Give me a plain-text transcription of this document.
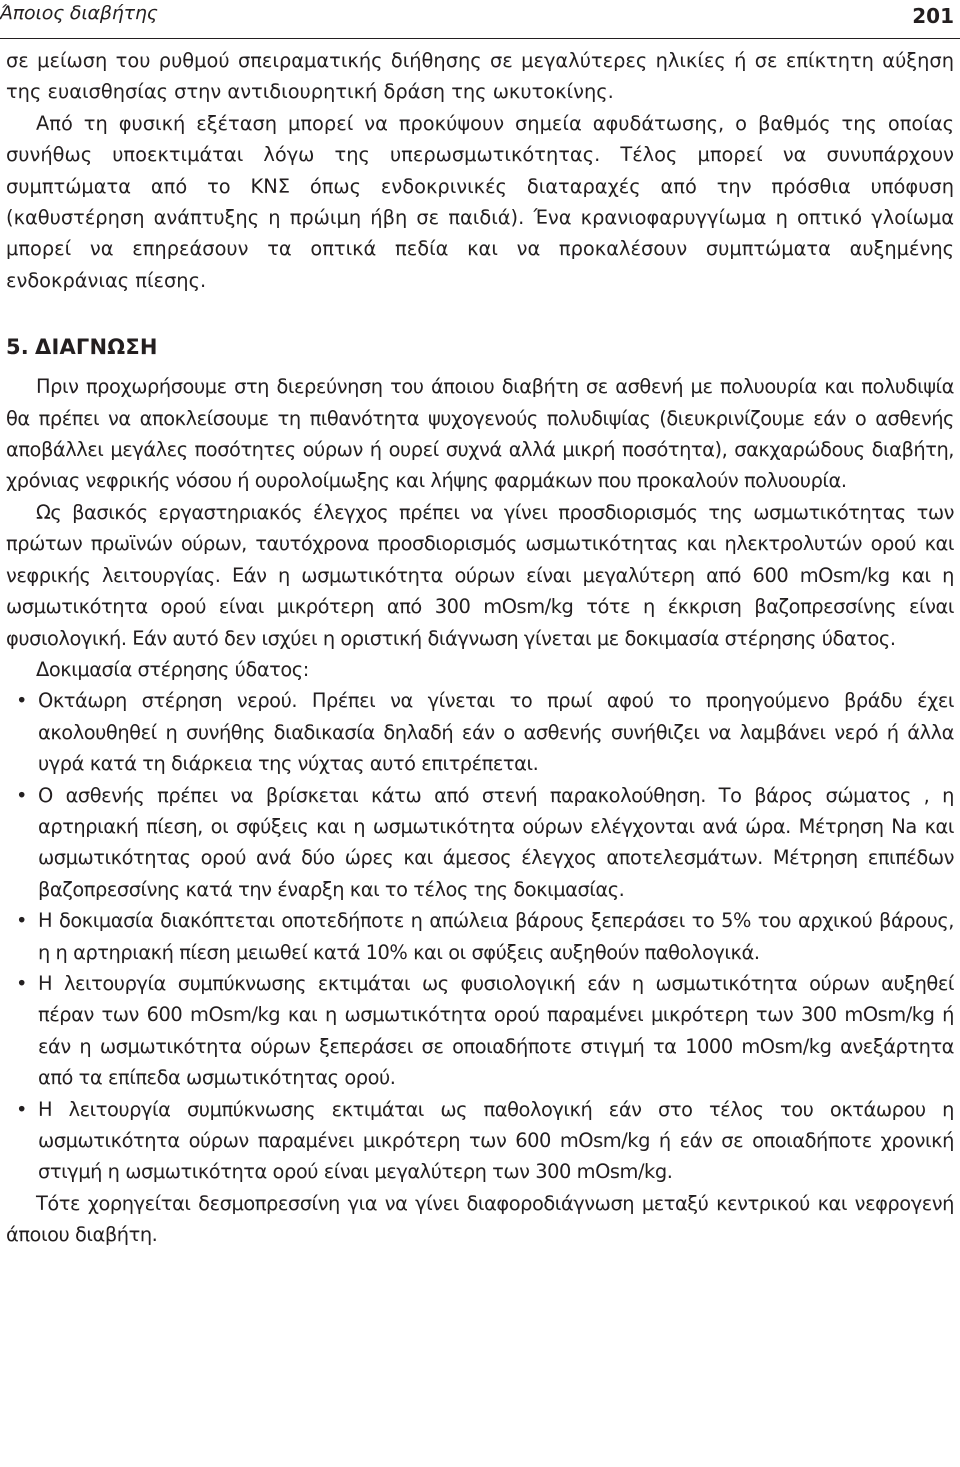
Άποιος διαβήτης	201

σε μείωση του ρυθμού σπειραματικής διήθησης σε μεγαλύτερες ηλικίες ή σε επίκτητη αύξηση της ευαισθησίας στην αντιδιουρητική δράση της ωκυτοκίνης.

Από τη φυσική εξέταση μπορεί να προκύψουν σημεία αφυδάτωσης, ο βαθμός της οποίας συνήθως υποεκτιμάται λόγω της υπερωσμωτικότητας. Τέλος μπορεί να συνυπάρχουν συμπτώματα από το ΚΝΣ όπως ενδοκρινικές διαταραχές από την πρόσθια υπόφυση (καθυστέρηση ανάπτυξης η πρώιμη ήβη σε παιδιά). Ένα κρανιοφαρυγγίωμα η οπτικό γλοίωμα μπορεί να επηρεάσουν τα οπτικά πεδία και να προκαλέσουν συμπτώματα αυξημένης ενδοκράνιας πίεσης.

5. ΔΙΑΓΝΩΣΗ

Πριν προχωρήσουμε στη διερεύνηση του άποιου διαβήτη σε ασθενή με πολυουρία και πολυδιψία θα πρέπει να αποκλείσουμε τη πιθανότητα ψυχογενούς πολυδιψίας (διευκρινίζουμε εάν ο ασθενής αποβάλλει μεγάλες ποσότητες ούρων ή ουρεί συχνά αλλά μικρή ποσότητα), σακχαρώδους διαβήτη, χρόνιας νεφρικής νόσου ή ουρολοίμωξης και λήψης φαρμάκων που προκαλούν πολυουρία.

Ως βασικός εργαστηριακός έλεγχος πρέπει να γίνει προσδιορισμός της ωσμωτικότητας των πρώτων πρωϊνών ούρων, ταυτόχρονα προσδιορισμός ωσμωτικότητας και ηλεκτρολυτών ορού και νεφρικής λειτουργίας. Εάν η ωσμωτικότητα ούρων είναι μεγαλύτερη από 600 mOsm/kg και η ωσμωτικότητα ορού είναι μικρότερη από 300 mOsm/kg τότε η έκκριση βαζοπρεσσίνης είναι φυσιολογική. Εάν αυτό δεν ισχύει η οριστική διάγνωση γίνεται με δοκιμασία στέρησης ύδατος.

Δοκιμασία στέρησης ύδατος:

• Οκτάωρη στέρηση νερού. Πρέπει να γίνεται το πρωί αφού το προηγούμενο βράδυ έχει ακολουθηθεί η συνήθης διαδικασία δηλαδή εάν ο ασθενής συνήθιζει να λαμβάνει νερό ή άλλα υγρά κατά τη διάρκεια της νύχτας αυτό επιτρέπεται.
• Ο ασθενής πρέπει να βρίσκεται κάτω από στενή παρακολούθηση. Το βάρος σώματος , η αρτηριακή πίεση, οι σφύξεις και η ωσμωτικότητα ούρων ελέγχονται ανά ώρα. Μέτρηση Na και ωσμωτικότητας ορού ανά δύο ώρες και άμεσος έλεγχος αποτελεσμάτων. Μέτρηση επιπέδων βαζοπρεσσίνης κατά την έναρξη και το τέλος της δοκιμασίας.
• Η δοκιμασία διακόπτεται οποτεδήποτε η απώλεια βάρους ξεπεράσει το 5% του αρχικού βάρους, η η αρτηριακή πίεση μειωθεί κατά 10% και οι σφύξεις αυξηθούν παθολογικά.
• Η λειτουργία συμπύκνωσης εκτιμάται ως φυσιολογική εάν η ωσμωτικότητα ούρων αυξηθεί πέραν των 600 mOsm/kg και η ωσμωτικότητα ορού παραμένει μικρότερη των 300 mOsm/kg ή εάν η ωσμωτικότητα ούρων ξεπεράσει σε οποιαδήποτε στιγμή τα 1000 mOsm/kg ανεξάρτητα από τα επίπεδα ωσμωτικότητας ορού.
• Η λειτουργία συμπύκνωσης εκτιμάται ως παθολογική εάν στο τέλος του οκτάωρου η ωσμωτικότητα ούρων παραμένει μικρότερη των 600 mOsm/kg ή εάν σε οποιαδήποτε χρονική στιγμή η ωσμωτικότητα ορού είναι μεγαλύτερη των 300 mOsm/kg.

Τότε χορηγείται δεσμοπρεσσίνη για να γίνει διαφοροδιάγνωση μεταξύ κεντρικού και νεφρογενή άποιου διαβήτη.
